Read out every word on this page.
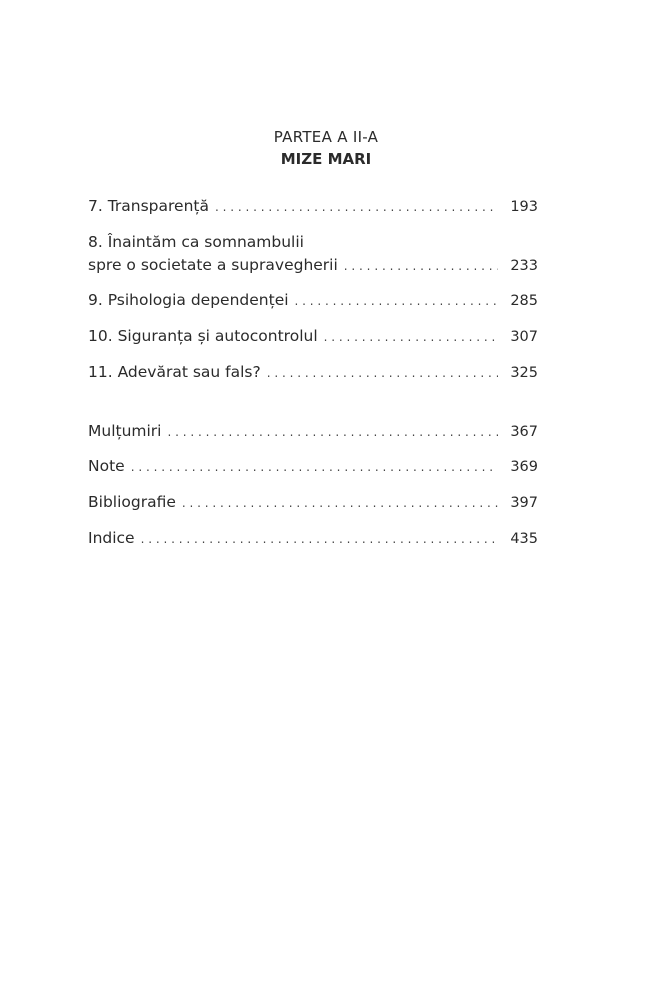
PARTEA A II-A
MIZE MARI
7. Transparență . . .	193
8. Înaintăm ca somnambulii
spre o societate a supravegherii . . .	233
9. Psihologia dependenței . . .	285
10. Siguranța și autocontrolul . . .	307
11. Adevărat sau fals? . . .	325
Mulțumiri . . .	367
Note . . .	369
Bibliografie . . .	397
Indice . . .	435
